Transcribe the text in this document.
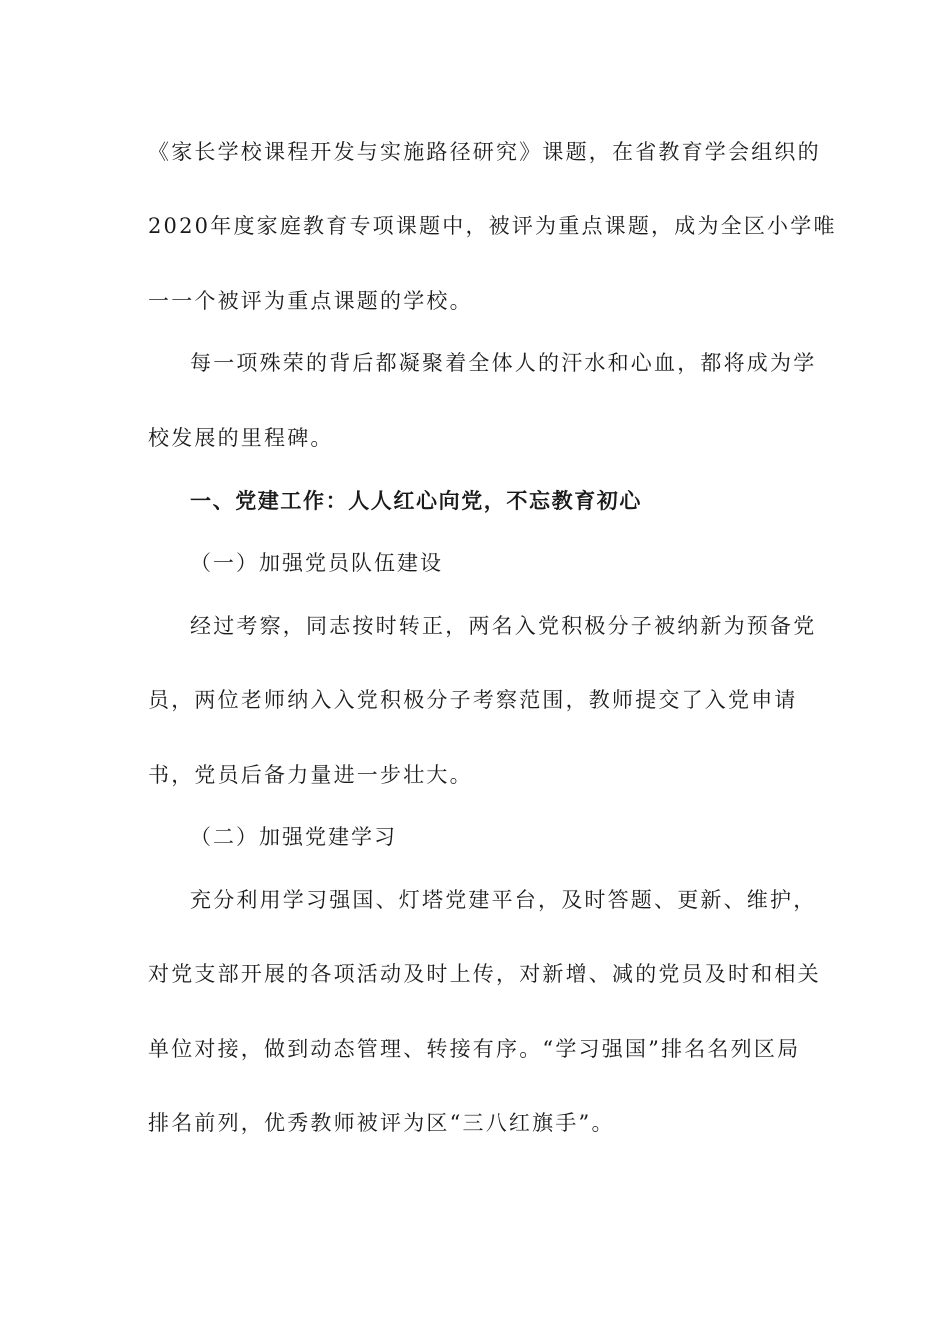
《家长学校课程开发与实施路径研究》课题，在省教育学会组织的
2020年度家庭教育专项课题中，被评为重点课题，成为全区小学唯
一一个被评为重点课题的学校。
每一项殊荣的背后都凝聚着全体人的汗水和心血，都将成为学
校发展的里程碑。
一、党建工作：人人红心向党，不忘教育初心
（一）加强党员队伍建设
经过考察，同志按时转正，两名入党积极分子被纳新为预备党
员，两位老师纳入入党积极分子考察范围，教师提交了入党申请
书，党员后备力量进一步壮大。
（二）加强党建学习
充分利用学习强国、灯塔党建平台，及时答题、更新、维护，
对党支部开展的各项活动及时上传，对新增、减的党员及时和相关
单位对接，做到动态管理、转接有序。“学习强国”排名名列区局
排名前列，优秀教师被评为区“三八红旗手”。
